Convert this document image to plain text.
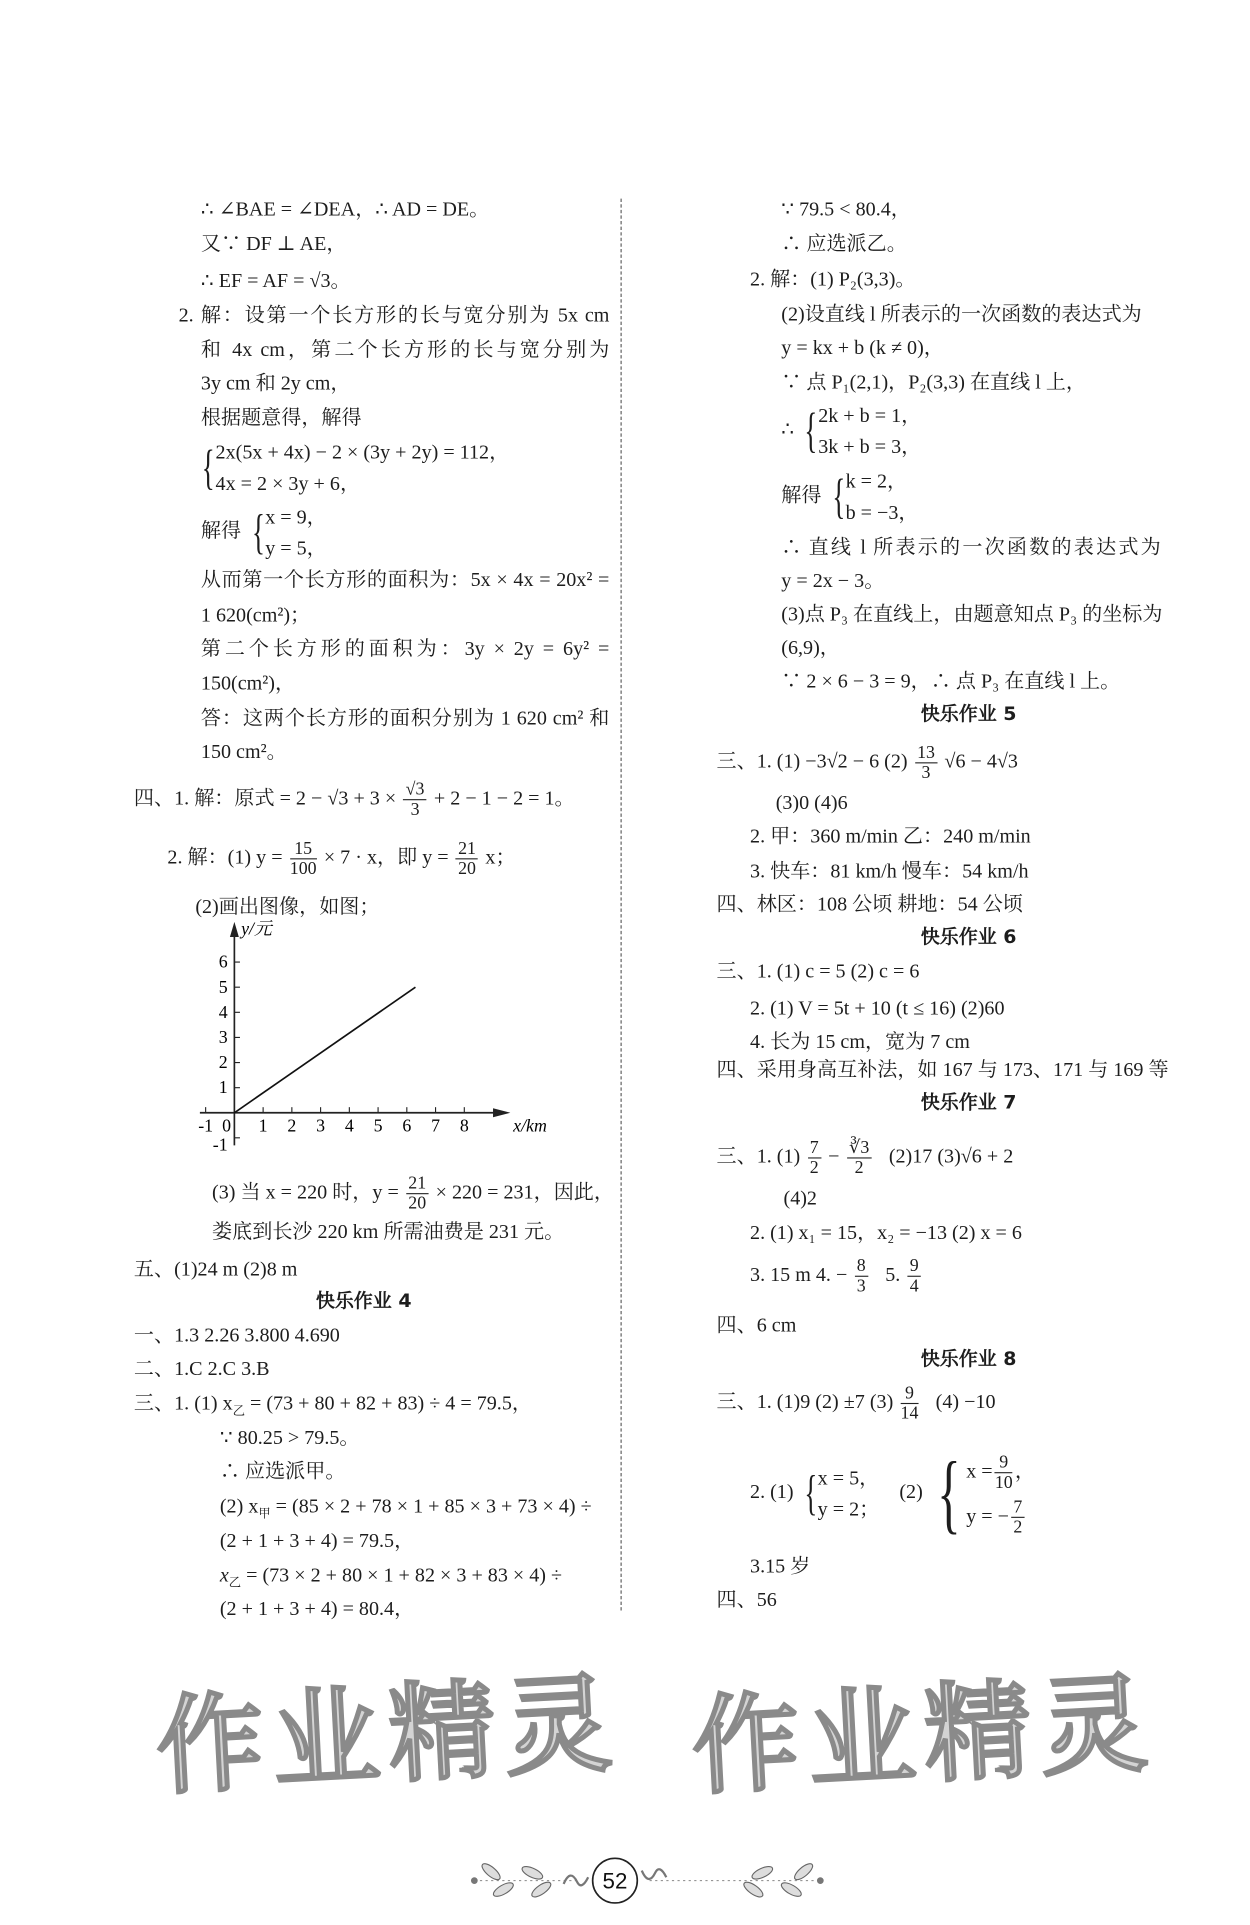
∴ ∠BAE = ∠DEA，∴ AD = DE。
又∵ DF ⊥ AE，
∴ EF = AF = √3。
2. 解：设第一个长方形的长与宽分别为 5x cm
和 4x cm，第二个长方形的长与宽分别为
3y cm 和 2y cm，
根据题意得，解得
{ 2x(5x + 4x) − 2 × (3y + 2y) = 112，
4x = 2 × 3y + 6，
解得 { x = 9，
y = 5，
从而第一个长方形的面积为：5x × 4x = 20x² =
1 620(cm²)；
第二个长方形的面积为：3y × 2y = 6y² =
150(cm²)，
答：这两个长方形的面积分别为 1 620 cm² 和
150 cm²。
四、1. 解：原式 = $2 - √3 + 3 \times \frac{√3}{3} + 2 - 1 - 2 = 1$。
2. 解：(1) $y = \frac{15}{100} \times 7 \cdot x$，即 $y = \frac{21}{20}$ x；
(2)画出图像，如图；
-1 0 1 2 3 4 5 6 7 8
6
5
4
3
2
1
-1
x/km
y/元
(3) 当 x = 220 时，$y = \frac{21}{20} \times 220 = 231$，因此，
娄底到长沙 220 km 所需油费是 231 元。
五、(1)24 m (2)8 m
快乐作业 4
一、1.3 2.26 3.800 4.690
二、1.C 2.C 3.B
三、1. (1) $x_乙 = (73 + 80 + 82 + 83) \div 4 = 79.5$，
∵ 80.25 > 79.5。
∴ 应选派甲。
(2) $x_甲 = (85 \times 2 + 78 \times 1 + 85 \times 3 + 73 \times 4)$ ÷
(2 + 1 + 3 + 4) = 79.5，
$x_乙 = (73 \times 2 + 80 \times 1 + 82 \times 3 + 83 \times 4)$ ÷
(2 + 1 + 3 + 4) = 80.4，
∵ 79.5 < 80.4，
∴ 应选派乙。
2. 解：(1) P₂(3,3)。
(2)设直线 l 所表示的一次函数的表达式为
y = kx + b (k ≠ 0)，
∵ 点 P₁(2,1)，P₂(3,3) 在直线 l 上，
∴ { 2k + b = 1，
3k + b = 3，
解得 { k = 2，
b = −3，
∴ 直线 l 所表示的一次函数的表达式为
y = 2x − 3。
(3)点 P₃ 在直线上，由题意知点 P₃ 的坐标为
(6,9)，
∵ 2 × 6 − 3 = 9，∴ 点 P₃ 在直线 l 上。
快乐作业 5
三、1. (1) −3√2 − 6 $(2) \frac{13}{3} √6 - 4√3$
(3)0 (4)6
2. 甲：360 m/min 乙：240 m/min
3. 快车：81 km/h 慢车：54 km/h
四、林区：108 公顷 耕地：54 公顷
快乐作业 6
三、1. (1) c = 5 (2) c = 6
2. (1) V = 5t + 10 (t ≤ 16) (2)60
4. 长为 15 cm，宽为 7 cm
四、采用身高互补法，如 167 与 173、171 与 169 等
快乐作业 7
三、1. $(1) \frac{7}{2} - \frac{∛3}{2} (2)17$ (3)√6 + 2
(4)2
2. (1) x₁ = 15，x₂ = −13 (2) x = 6
3. 15 m 4. − $\frac{8}{3} 5$. $\frac{9}{4}$
四、6 cm
快乐作业 8
三、1. (1)9 (2) ±7 $(3) \frac{9}{14} (4) -10$
2. (1) { x = 5，
y = 2；
(2) { $x = \frac{9}{10}$ ，
y = − $\frac{7}{2}$
3.15 岁
四、56
作业精灵 作业精灵
52
